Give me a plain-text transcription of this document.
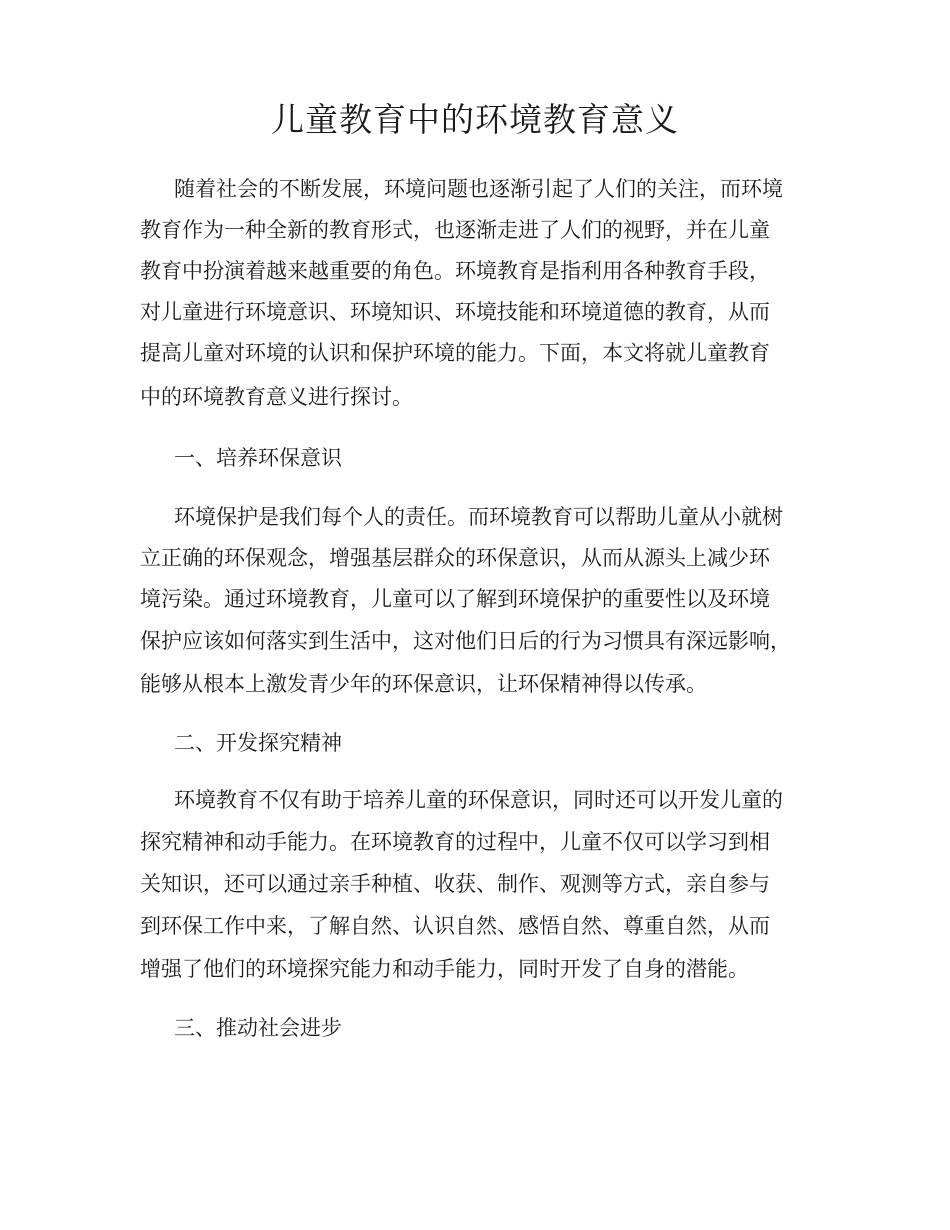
儿童教育中的环境教育意义

随着社会的不断发展，环境问题也逐渐引起了人们的关注，而环境

教育作为一种全新的教育形式，也逐渐走进了人们的视野，并在儿童

教育中扮演着越来越重要的角色。环境教育是指利用各种教育手段，

对儿童进行环境意识、环境知识、环境技能和环境道德的教育，从而

提高儿童对环境的认识和保护环境的能力。下面，本文将就儿童教育

中的环境教育意义进行探讨。

一、培养环保意识

环境保护是我们每个人的责任。而环境教育可以帮助儿童从小就树

立正确的环保观念，增强基层群众的环保意识，从而从源头上减少环

境污染。通过环境教育，儿童可以了解到环境保护的重要性以及环境

保护应该如何落实到生活中，这对他们日后的行为习惯具有深远影响，

能够从根本上激发青少年的环保意识，让环保精神得以传承。

二、开发探究精神

环境教育不仅有助于培养儿童的环保意识，同时还可以开发儿童的

探究精神和动手能力。在环境教育的过程中，儿童不仅可以学习到相

关知识，还可以通过亲手种植、收获、制作、观测等方式，亲自参与

到环保工作中来，了解自然、认识自然、感悟自然、尊重自然，从而

增强了他们的环境探究能力和动手能力，同时开发了自身的潜能。

三、推动社会进步
